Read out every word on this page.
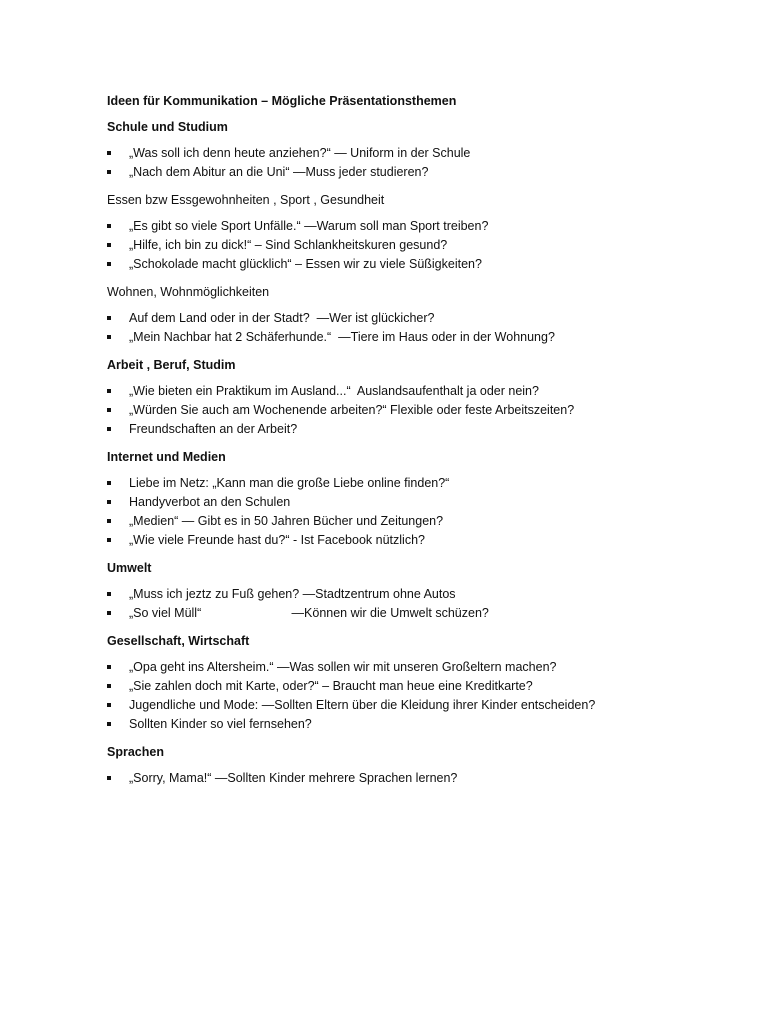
Ideen für Kommunikation – Mögliche Präsentationsthemen

Schule und Studium

„Was soll ich denn heute anziehen?“ — Uniform in der Schule
„Nach dem Abitur an die Uni“ —Muss jeder studieren?

Essen bzw Essgewohnheiten , Sport , Gesundheit

„Es gibt so viele Sport Unfälle.“ —Warum soll man Sport treiben?
„Hilfe, ich bin zu dick!“ – Sind Schlankheitskuren gesund?
„Schokolade macht glücklich“ – Essen wir zu viele Süßigkeiten?

Wohnen, Wohnmöglichkeiten

Auf dem Land oder in der Stadt?  —Wer ist glückicher?
„Mein Nachbar hat 2 Schäferhunde.“  —Tiere im Haus oder in der Wohnung?

Arbeit , Beruf, Studim

„Wie bieten ein Praktikum im Ausland...“  Auslandsaufenthalt ja oder nein?
„Würden Sie auch am Wochenende arbeiten?“ Flexible oder feste Arbeitszeiten?
Freundschaften an der Arbeit?

Internet und Medien

Liebe im Netz: „Kann man die große Liebe online finden?“
Handyverbot an den Schulen
„Medien“ — Gibt es in 50 Jahren Bücher und Zeitungen?
„Wie viele Freunde hast du?“ - Ist Facebook nützlich?

Umwelt

„Muss ich jeztz zu Fuß gehen? —Stadtzentrum ohne Autos
„So viel Müll“                          —Können wir die Umwelt schüzen?

Gesellschaft, Wirtschaft

„Opa geht ins Altersheim.“ —Was sollen wir mit unseren Großeltern machen?
„Sie zahlen doch mit Karte, oder?“ – Braucht man heue eine Kreditkarte?
Jugendliche und Mode: —Sollten Eltern über die Kleidung ihrer Kinder entscheiden?
Sollten Kinder so viel fernsehen?

Sprachen

„Sorry, Mama!“ —Sollten Kinder mehrere Sprachen lernen?
